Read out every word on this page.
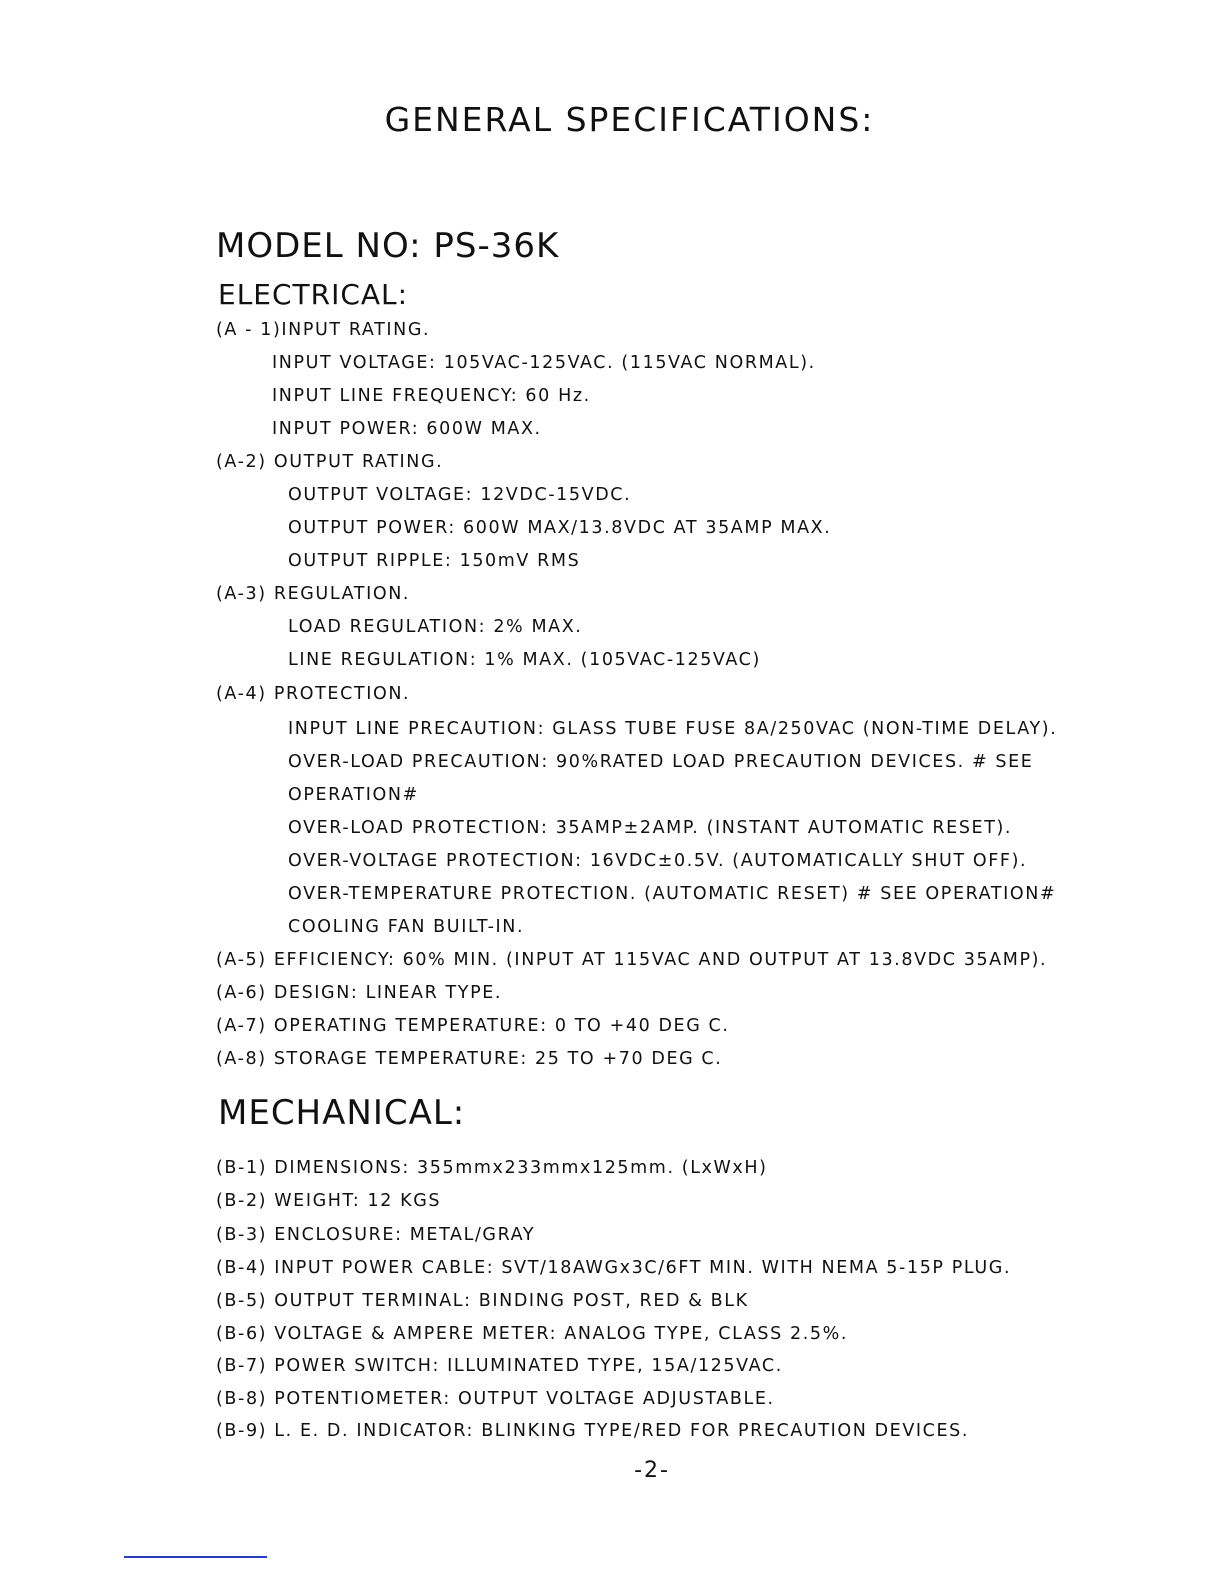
GENERAL SPECIFICATIONS:
MODEL NO: PS-36K
ELECTRICAL:
(A - 1)INPUT RATING.
INPUT VOLTAGE: 105VAC-125VAC. (115VAC NORMAL).
INPUT LINE FREQUENCY: 60 Hz.
INPUT POWER: 600W MAX.
(A-2) OUTPUT RATING.
OUTPUT VOLTAGE: 12VDC-15VDC.
OUTPUT POWER: 600W MAX/13.8VDC AT 35AMP MAX.
OUTPUT RIPPLE: 150mV RMS
(A-3) REGULATION.
LOAD REGULATION: 2% MAX.
LINE REGULATION: 1% MAX. (105VAC-125VAC)
(A-4) PROTECTION.
INPUT LINE PRECAUTION: GLASS TUBE FUSE 8A/250VAC (NON-TIME DELAY).
OVER-LOAD PRECAUTION: 90%RATED LOAD PRECAUTION DEVICES. # SEE
OPERATION#
OVER-LOAD PROTECTION: 35AMP±2AMP. (INSTANT AUTOMATIC RESET).
OVER-VOLTAGE PROTECTION: 16VDC±0.5V. (AUTOMATICALLY SHUT OFF).
OVER-TEMPERATURE PROTECTION. (AUTOMATIC RESET) # SEE OPERATION#
COOLING FAN BUILT-IN.
(A-5) EFFICIENCY: 60% MIN. (INPUT AT 115VAC AND OUTPUT AT 13.8VDC 35AMP).
(A-6) DESIGN: LINEAR TYPE.
(A-7) OPERATING TEMPERATURE: 0 TO +40 DEG C.
(A-8) STORAGE TEMPERATURE: 25 TO +70 DEG C.
MECHANICAL:
(B-1) DIMENSIONS: 355mmx233mmx125mm. (LxWxH)
(B-2) WEIGHT: 12 KGS
(B-3) ENCLOSURE: METAL/GRAY
(B-4) INPUT POWER CABLE: SVT/18AWGx3C/6FT MIN. WITH NEMA 5-15P PLUG.
(B-5) OUTPUT TERMINAL: BINDING POST, RED & BLK
(B-6) VOLTAGE & AMPERE METER: ANALOG TYPE, CLASS 2.5%.
(B-7) POWER SWITCH: ILLUMINATED TYPE, 15A/125VAC.
(B-8) POTENTIOMETER: OUTPUT VOLTAGE ADJUSTABLE.
(B-9) L. E. D. INDICATOR: BLINKING TYPE/RED FOR PRECAUTION DEVICES.
-2-
